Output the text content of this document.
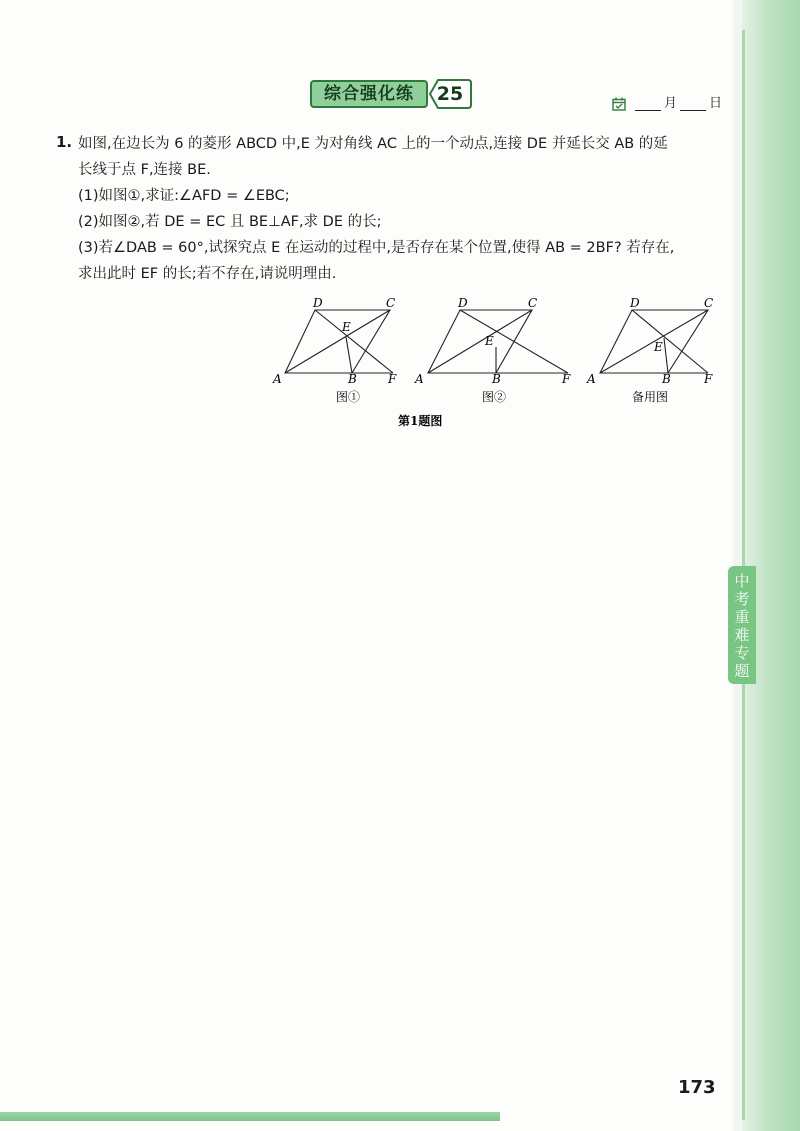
中
考
重
难
专
题
综合强化练	25	月 日
1. 如图,在边长为 6 的菱形 ABCD 中,E 为对角线 AC 上的一个动点,连接 DE 并延长交 AB 的延

长线于点 F,连接 BE.

(1)如图①,求证:∠AFD = ∠EBC;

(2)如图②,若 DE = EC 且 BE⊥AF,求 DE 的长;

(3)若∠DAB = 60°,试探究点 E 在运动的过程中,是否存在某个位置,使得 AB = 2BF? 若存在,

求出此时 EF 的长;若不存在,请说明理由.

A	B	F
D	C
E
图①
A	B	F
D	C
E
图②
A	B	F
D	C
E
备用图
第1题图
173
